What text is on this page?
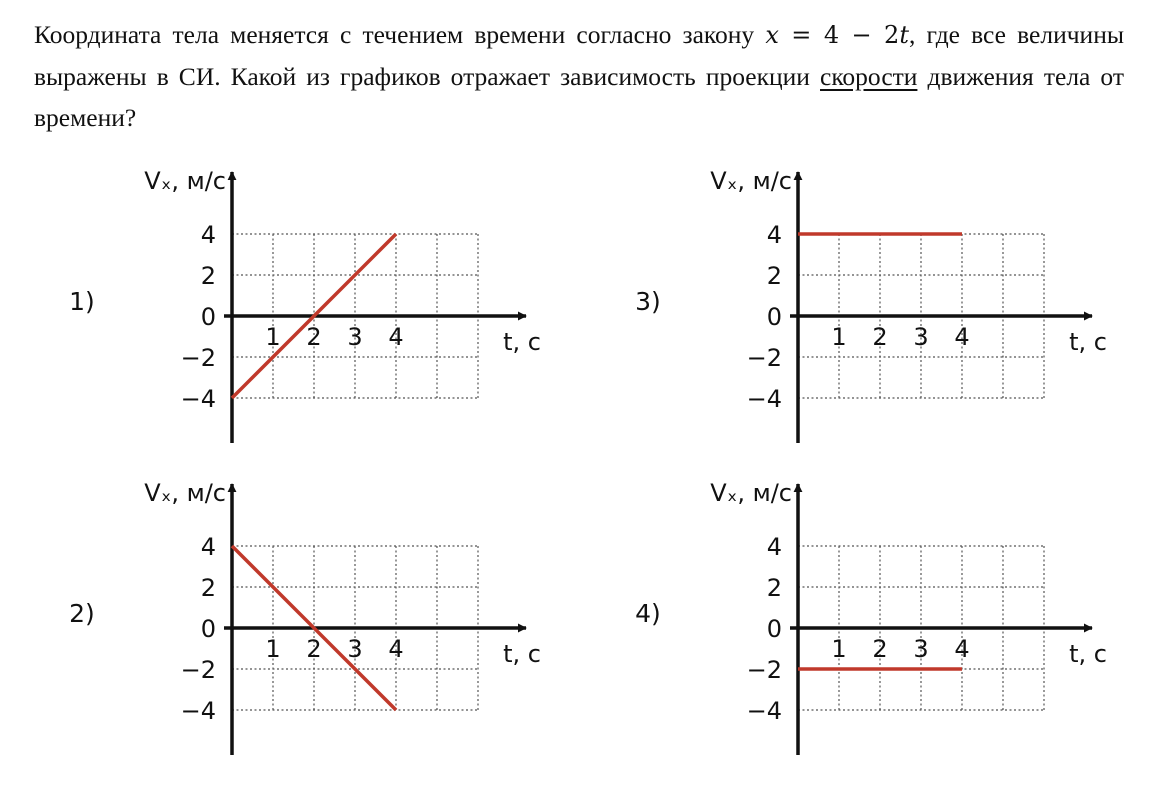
Координата тела меняется с течением времени согласно закону x = 4 − 2t, где все величины выражены в СИ. Какой из графиков отражает зависимость проекции скорости движения тела от времени?

4
2
0
−2
−4
1 2 3 4
Vₓ, м/с
t, с
1)
4
2
0
−2
−4
1 2 3 4
Vₓ, м/с
t, с
2)
4
2
0
−2
−4
1 2 3 4
Vₓ, м/с
t, с
3)
4
2
0
−2
−4
1 2 3 4
Vₓ, м/с
t, с
4)
